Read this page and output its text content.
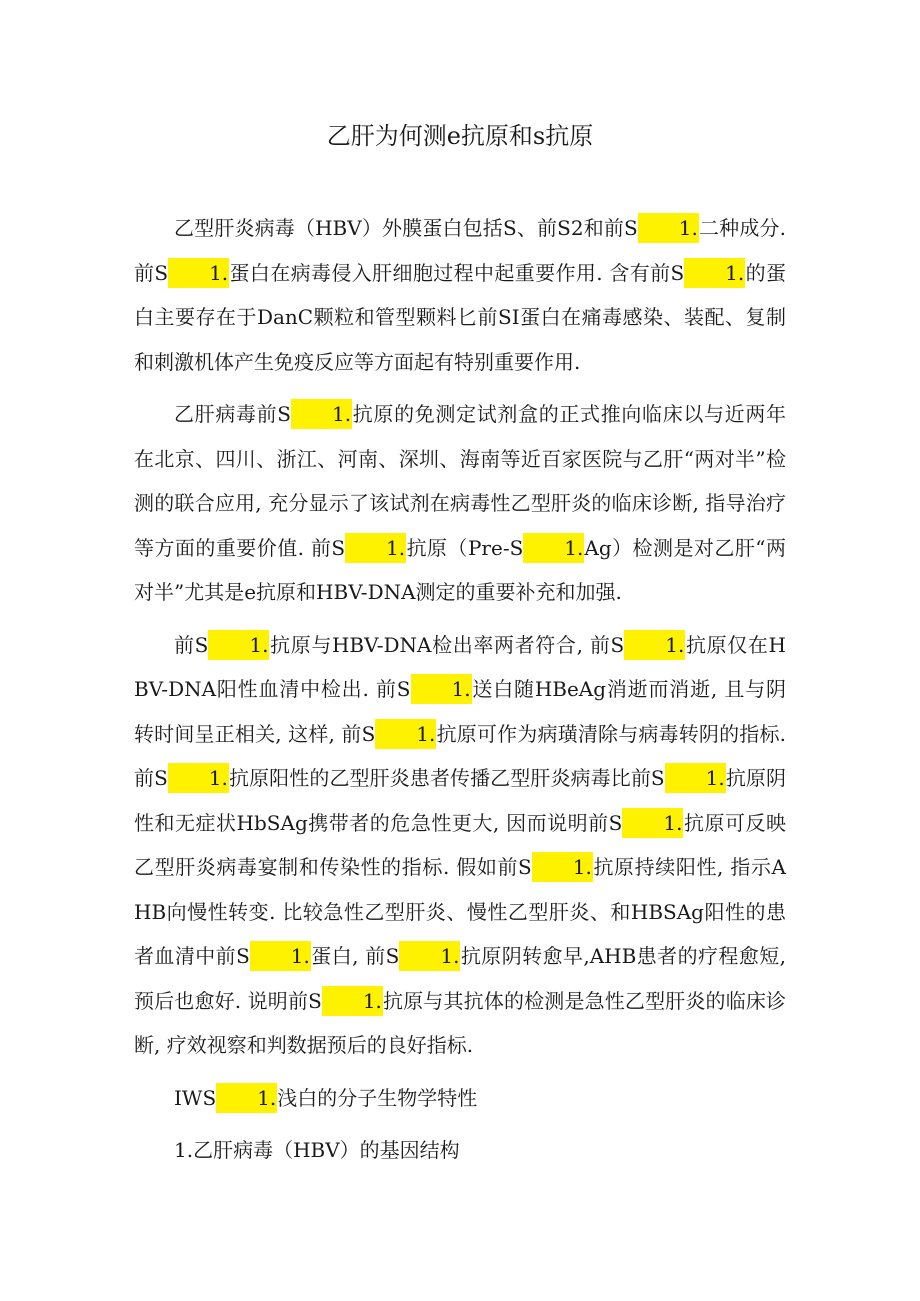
乙肝为何测e抗原和s抗原

乙型肝炎病毒（HBV）外膜蛋白包括S、前S2和前S 1.二种成分. 前S 1.蛋白在病毒侵入肝细胞过程中起重要作用. 含有前S 1.的蛋白主要存在于DanC颗粒和管型颗料匕前SI蛋白在痛毒感染、装配、复制和刺激机体产生免疫反应等方面起有特别重要作用.

乙肝病毒前S 1.抗原的免测定试剂盒的正式推向临床以与近两年在北京、四川、浙江、河南、深圳、海南等近百家医院与乙肝“两对半”检测的联合应用, 充分显示了该试剂在病毒性乙型肝炎的临床诊断, 指导治疗等方面的重要价值. 前S 1.抗原（Pre-S 1.Ag）检测是对乙肝“两对半”尤其是e抗原和HBV-DNA测定的重要补充和加强.

前S 1.抗原与HBV-DNA检出率两者符合, 前S 1.抗原仅在HBV-DNA阳性血清中检出. 前S 1.送白随HBeAg消逝而消逝, 且与阴转时间呈正相关, 这样, 前S 1.抗原可作为病璜清除与病毒转阴的指标. 前S 1.抗原阳性的乙型肝炎患者传播乙型肝炎病毒比前S 1.抗原阴性和无症状HbSAg携带者的危急性更大, 因而说明前S 1.抗原可反映乙型肝炎病毒宴制和传染性的指标. 假如前S 1.抗原持续阳性, 指示AHB向慢性转变. 比较急性乙型肝炎、慢性乙型肝炎、和HBSAg阳性的患者血清中前S 1.蛋白, 前S 1.抗原阴转愈早,AHB患者的疗程愈短, 预后也愈好. 说明前S 1.抗原与其抗体的检测是急性乙型肝炎的临床诊断, 疗效视察和判数据预后的良好指标.

IWS 1.浅白的分子生物学特性

1.乙肝病毒（HBV）的基因结构
